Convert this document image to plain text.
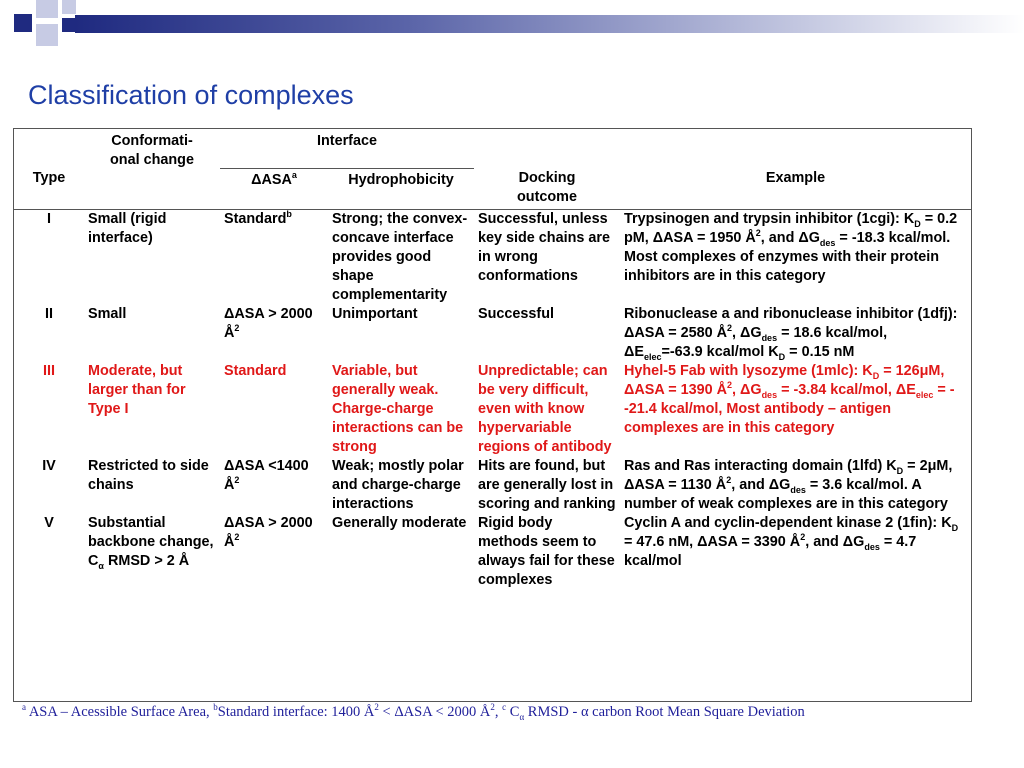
Classification of complexes
Type	Conformati-onal change	Interface		Docking outcome	Example
		ΔASA$^a$	Hydrophobicity		

I	Small (rigid interface)	Standard$^b$	Strong; the convex-concave interface provides good shape complementarity	Successful, unless key side chains are in wrong conformations	Trypsinogen and trypsin inhibitor (1cgi): $K_D = 0.2$ pM, ΔASA = 1950 $Å^2$, and $\Delta G_{des} = -18.3$ kcal/mol. Most complexes of enzymes with their protein inhibitors are in this category
II	Small	ΔASA > 2000 $Å^2$	Unimportant	Successful	Ribonuclease a and ribonuclease inhibitor (1dfj): ΔASA = 2580 $Å^2$, $\Delta G_{des} = 18.6$ kcal/mol, $\Delta E_{elec}=-63.9$ kcal/mol $K_D = 0.15$ nM
III	Moderate, but larger than for Type I	Standard	Variable, but generally weak. Charge-charge interactions can be strong	Unpredictable; can be very difficult, even with know hypervariable regions of antibody	Hyhel-5 Fab with lysozyme (1mlc): $K_D = 126\mu M$, ΔASA = 1390 $Å^2$, $\Delta G_{des} = -3.84$ kcal/mol, $\Delta E_{elec} = --21.4$ kcal/mol, Most antibody – antigen complexes are in this category
IV	Restricted to side chains	ΔASA <1400 $Å^2$	Weak; mostly polar and charge-charge interactions	Hits are found, but are generally lost in scoring and ranking	Ras and Ras interacting domain (1lfd) $K_D = 2\mu M$, ΔASA = 1130 $Å^2$, and $\Delta G_{des} = 3.6$ kcal/mol. A number of weak complexes are in this category
V	Substantial backbone change, $C_\alpha$ RMSD > 2 Å	ΔASA > 2000 $Å^2$	Generally moderate	Rigid body methods seem to always fail for these complexes	Cyclin A and cyclin-dependent kinase 2 (1fin): $K_D = 47.6$ nM, ΔASA = 3390 $Å^2$, and $\Delta G_{des} = 4.7$ kcal/mol
$^a$ ASA – Acessible Surface Area, $^b$Standard interface: 1400 $Å^2 < \Delta ASA < 2000$ $Å^2$, $^c$ $C_\alpha$ RMSD - α carbon Root Mean Square Deviation
